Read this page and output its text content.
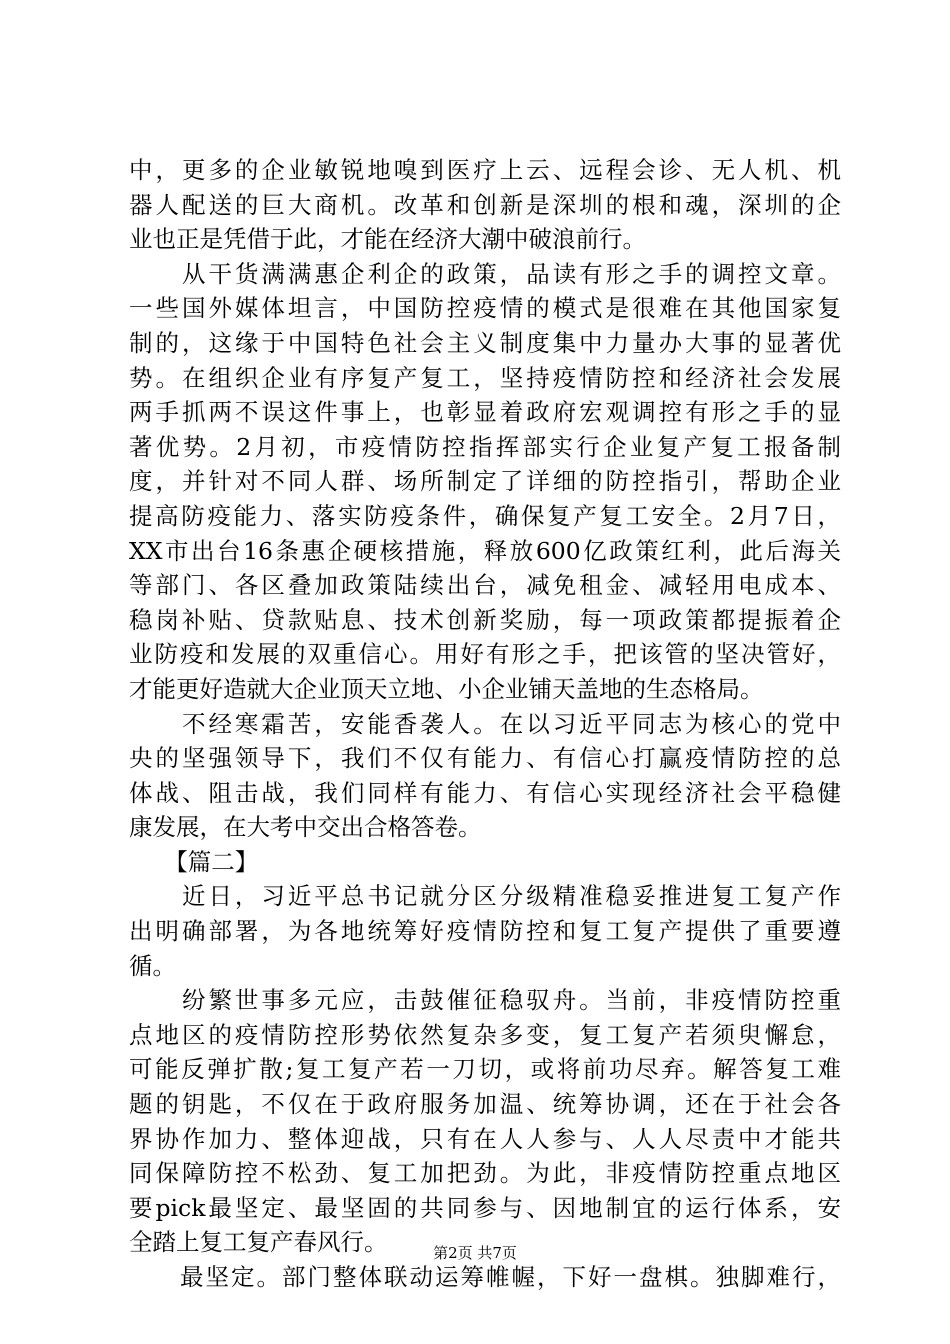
中，更多的企业敏锐地嗅到医疗上云、远程会诊、无人机、机
器人配送的巨大商机。改革和创新是深圳的根和魂，深圳的企
业也正是凭借于此，才能在经济大潮中破浪前行。
　　从干货满满惠企利企的政策，品读有形之手的调控文章。
一些国外媒体坦言，中国防控疫情的模式是很难在其他国家复
制的，这缘于中国特色社会主义制度集中力量办大事的显著优
势。在组织企业有序复产复工，坚持疫情防控和经济社会发展
两手抓两不误这件事上，也彰显着政府宏观调控有形之手的显
著优势。2月初，市疫情防控指挥部实行企业复产复工报备制
度，并针对不同人群、场所制定了详细的防控指引，帮助企业
提高防疫能力、落实防疫条件，确保复产复工安全。2月7日，
XX市出台16条惠企硬核措施，释放600亿政策红利，此后海关
等部门、各区叠加政策陆续出台，减免租金、减轻用电成本、
稳岗补贴、贷款贴息、技术创新奖励，每一项政策都提振着企
业防疫和发展的双重信心。用好有形之手，把该管的坚决管好，
才能更好造就大企业顶天立地、小企业铺天盖地的生态格局。
　　不经寒霜苦，安能香袭人。在以习近平同志为核心的党中
央的坚强领导下，我们不仅有能力、有信心打赢疫情防控的总
体战、阻击战，我们同样有能力、有信心实现经济社会平稳健
康发展，在大考中交出合格答卷。
　　【篇二】
　　近日，习近平总书记就分区分级精准稳妥推进复工复产作
出明确部署，为各地统筹好疫情防控和复工复产提供了重要遵
循。
　　纷繁世事多元应，击鼓催征稳驭舟。当前，非疫情防控重
点地区的疫情防控形势依然复杂多变，复工复产若须臾懈怠，
可能反弹扩散;复工复产若一刀切，或将前功尽弃。解答复工难
题的钥匙，不仅在于政府服务加温、统筹协调，还在于社会各
界协作加力、整体迎战，只有在人人参与、人人尽责中才能共
同保障防控不松劲、复工加把劲。为此，非疫情防控重点地区
要pick最坚定、最坚固的共同参与、因地制宜的运行体系，安
全踏上复工复产春风行。
　　最坚定。部门整体联动运筹帷幄，下好一盘棋。独脚难行，
第2页 共7页
